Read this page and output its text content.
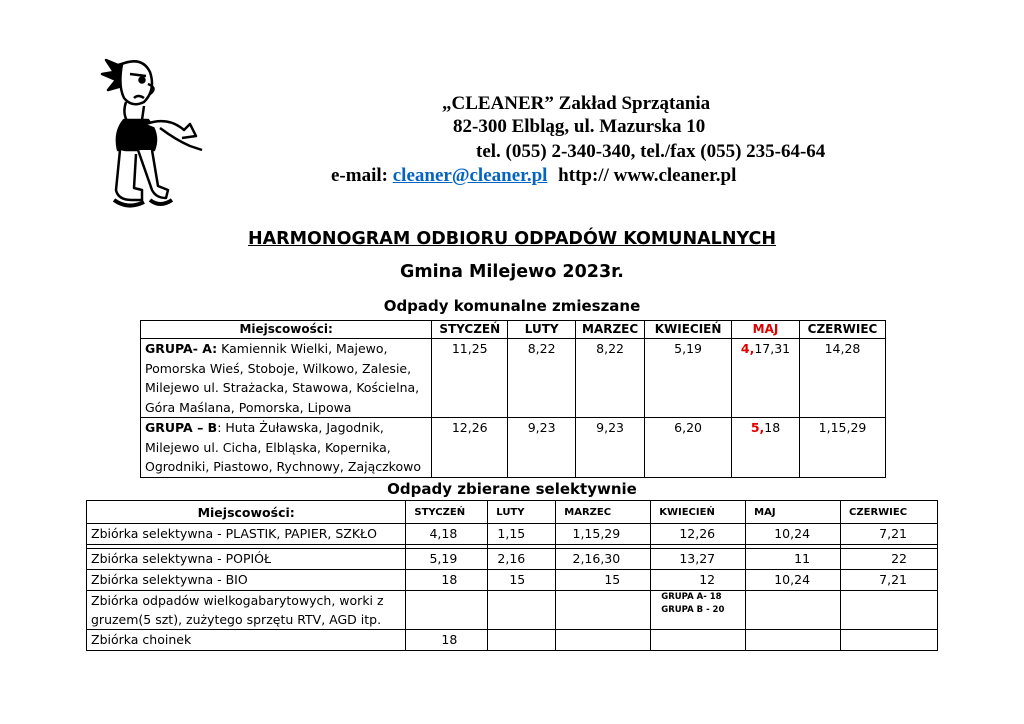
„CLEANER” Zakład Sprzątania
82-300 Elbląg, ul. Mazurska 10
tel. (055) 2-340-340, tel./fax (055) 235-64-64
e-mail: cleaner@cleaner.pl http:// www.cleaner.pl
HARMONOGRAM ODBIORU ODPADÓW KOMUNALNYCH
Gmina Milejewo 2023r.
Odpady komunalne zmieszane
Miejscowości:	STYCZEŃ	LUTY	MARZEC	KWIECIEŃ	MAJ	CZERWIEC
GRUPA- A: Kamiennik Wielki, Majewo, Pomorska Wieś, Stoboje, Wilkowo, Zalesie, Milejewo ul. Strażacka, Stawowa, Kościelna, Góra Maślana, Pomorska, Lipowa	11,25	8,22	8,22	5,19	4,17,31	14,28
GRUPA – B: Huta Żuławska, Jagodnik, Milejewo ul. Cicha, Elbląska, Kopernika, Ogrodniki, Piastowo, Rychnowy, Zajączkowo	12,26	9,23	9,23	6,20	5,18	1,15,29
Odpady zbierane selektywnie
Miejscowości:	STYCZEŃ	LUTY	MARZEC	KWIECIEŃ	MAJ	CZERWIEC
Zbiórka selektywna - PLASTIK, PAPIER, SZKŁO	4,18	1,15	1,15,29	12,26	10,24	7,21

Zbiórka selektywna - POPIÓŁ	5,19	2,16	2,16,30	13,27	11	22
Zbiórka selektywna - BIO	18	15	15	12	10,24	7,21
Zbiórka odpadów wielkogabarytowych, worki z gruzem(5 szt), zużytego sprzętu RTV, AGD itp.				GRUPA A- 18
GRUPA B - 20		

Zbiórka choinek	18					
